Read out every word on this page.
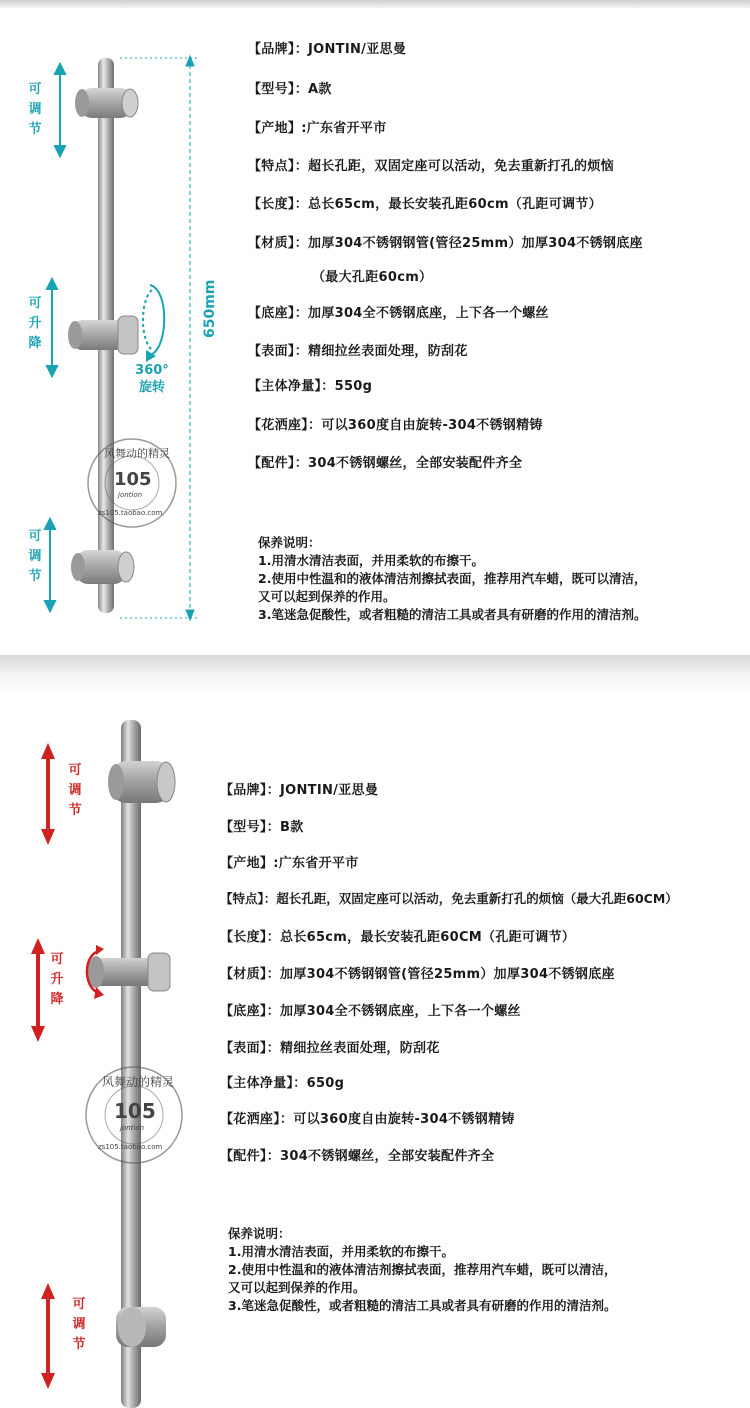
可调节
可升降
可调节
360°
旋转
650mm
风舞动的精灵
105
jontion
zs105.taobao.com
【品牌】：JONTIN/亚思曼
【型号】：A款
【产地】:广东省开平市
【特点】：超长孔距，双固定座可以活动，免去重新打孔的烦恼
【长度】：总长65cm，最长安装孔距60cm（孔距可调节）
【材质】：加厚304不锈钢钢管(管径25mm）加厚304不锈钢底座
（最大孔距60cm）
【底座】：加厚304全不锈钢底座，上下各一个螺丝
【表面】：精细拉丝表面处理，防刮花
【主体净量】：550g
【花洒座】：可以360度自由旋转-304不锈钢精铸
【配件】：304不锈钢螺丝，全部安装配件齐全
保养说明：
1.用清水清洁表面，并用柔软的布擦干。
2.使用中性温和的液体清洁剂擦拭表面，推荐用汽车蜡，既可以清洁，
又可以起到保养的作用。
3.笔迷急促酸性，或者粗糙的清洁工具或者具有研磨的作用的清洁剂。
可调节
可升降
可调节
风舞动的精灵
105
jontion
zs105.taobao.com
【品牌】：JONTIN/亚思曼
【型号】：B款
【产地】:广东省开平市
【特点】：超长孔距，双固定座可以活动，免去重新打孔的烦恼（最大孔距60CM）
【长度】：总长65cm，最长安装孔距60CM（孔距可调节）
【材质】：加厚304不锈钢钢管(管径25mm）加厚304不锈钢底座
【底座】：加厚304全不锈钢底座，上下各一个螺丝
【表面】：精细拉丝表面处理，防刮花
【主体净量】：650g
【花洒座】：可以360度自由旋转-304不锈钢精铸
【配件】：304不锈钢螺丝，全部安装配件齐全
保养说明：
1.用清水清洁表面，并用柔软的布擦干。
2.使用中性温和的液体清洁剂擦拭表面，推荐用汽车蜡，既可以清洁，
又可以起到保养的作用。
3.笔迷急促酸性，或者粗糙的清洁工具或者具有研磨的作用的清洁剂。
